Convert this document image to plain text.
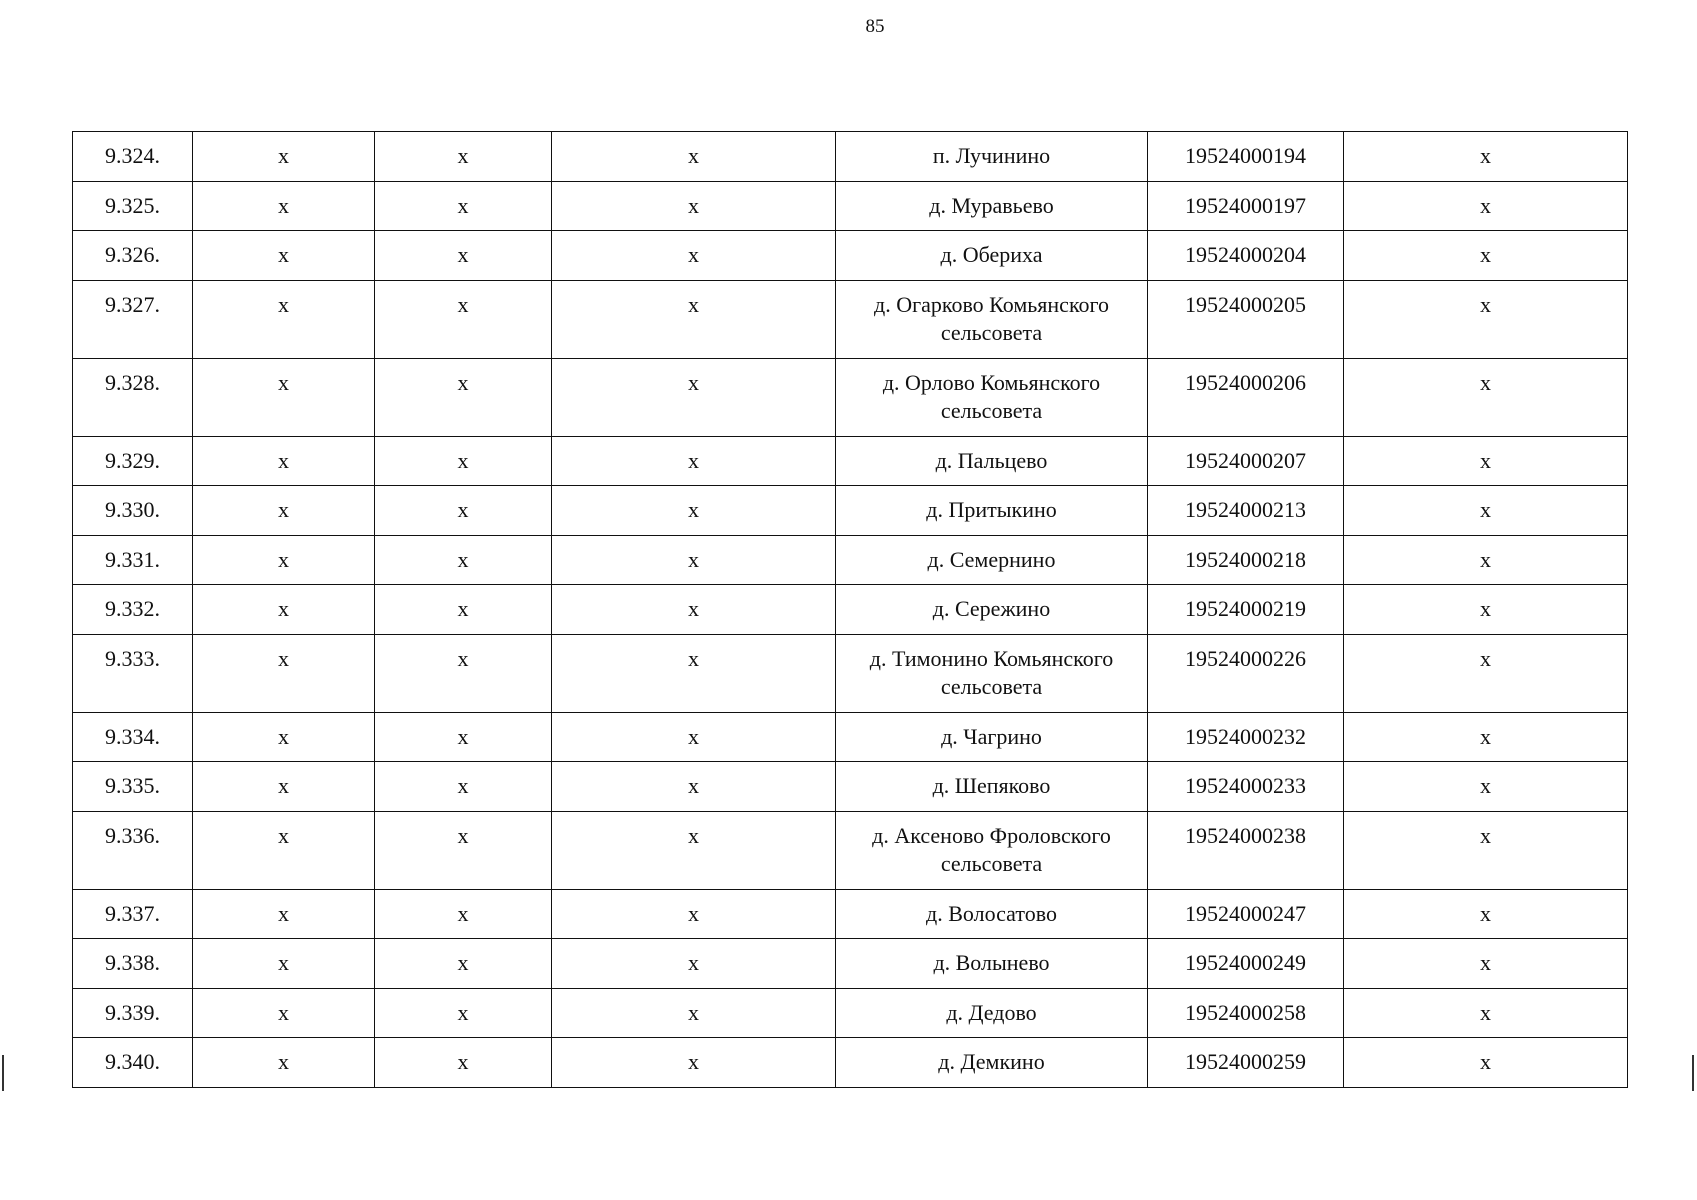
85
9.324.	x	x	x	п. Лучинино	19524000194	x
9.325.	x	x	x	д. Муравьево	19524000197	x
9.326.	x	x	x	д. Обериха	19524000204	x
9.327.	x	x	x	д. Огарково Комьянского сельсовета	19524000205	x
9.328.	x	x	x	д. Орлово Комьянского сельсовета	19524000206	x
9.329.	x	x	x	д. Пальцево	19524000207	x
9.330.	x	x	x	д. Притыкино	19524000213	x
9.331.	x	x	x	д. Семернино	19524000218	x
9.332.	x	x	x	д. Сережино	19524000219	x
9.333.	x	x	x	д. Тимонино Комьянского сельсовета	19524000226	x
9.334.	x	x	x	д. Чагрино	19524000232	x
9.335.	x	x	x	д. Шепяково	19524000233	x
9.336.	x	x	x	д. Аксеново Фроловского сельсовета	19524000238	x
9.337.	x	x	x	д. Волосатово	19524000247	x
9.338.	x	x	x	д. Волынево	19524000249	x
9.339.	x	x	x	д. Дедово	19524000258	x
9.340.	x	x	x	д. Демкино	19524000259	x
